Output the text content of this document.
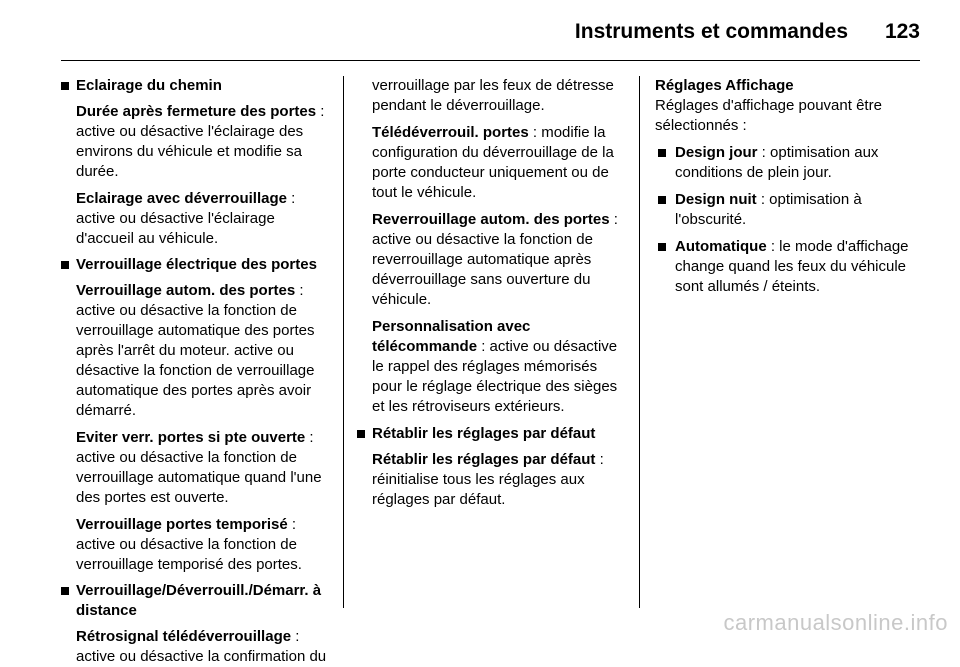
Instruments et commandes 123
Eclairage du chemin
Durée après fermeture des portes : active ou désactive l'éclairage des environs du véhicule et modifie sa durée.
Eclairage avec déverrouillage : active ou désactive l'éclairage d'accueil au véhicule.
Verrouillage électrique des portes
Verrouillage autom. des portes : active ou désactive la fonction de verrouillage automatique des portes après l'arrêt du moteur. active ou désactive la fonction de verrouillage automatique des portes après avoir démarré.
Eviter verr. portes si pte ouverte : active ou désactive la fonction de verrouillage automatique quand l'une des portes est ouverte.
Verrouillage portes temporisé : active ou désactive la fonction de verrouillage temporisé des portes.
Verrouillage/Déverrouill./Démarr. à distance
Rétrosignal télédéverrouillage : active ou désactive la confirmation du
verrouillage par les feux de détresse pendant le déverrouillage.
Télédéverrouil. portes : modifie la configuration du déverrouillage de la porte conducteur uniquement ou de tout le véhicule.
Reverrouillage autom. des portes : active ou désactive la fonction de reverrouillage automatique après déverrouillage sans ouverture du véhicule.
Personnalisation avec télécommande : active ou désactive le rappel des réglages mémorisés pour le réglage électrique des sièges et les rétroviseurs extérieurs.
Rétablir les réglages par défaut
Rétablir les réglages par défaut : réinitialise tous les réglages aux réglages par défaut.
Réglages Affichage
Réglages d'affichage pouvant être sélectionnés :
Design jour : optimisation aux conditions de plein jour.
Design nuit : optimisation à l'obscurité.
Automatique : le mode d'affichage change quand les feux du véhicule sont allumés / éteints.
carmanualsonline.info
